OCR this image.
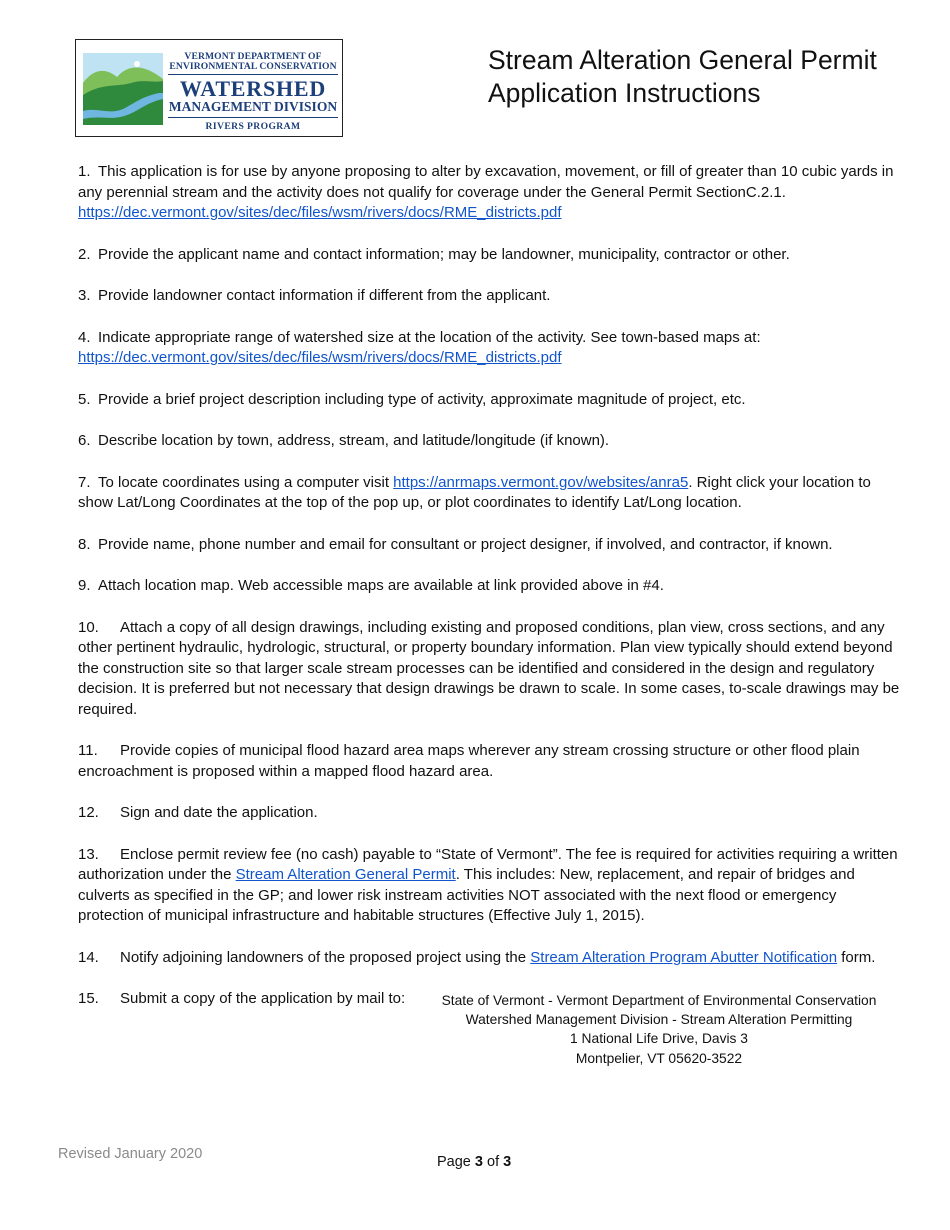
VERMONT DEPARTMENT OF
ENVIRONMENTAL CONSERVATION
WATERSHED
MANAGEMENT DIVISION
RIVERS PROGRAM
Stream Alteration General Permit
Application Instructions
1. This application is for use by anyone proposing to alter by excavation, movement, or fill of greater than 10 cubic yards in any perennial stream and the activity does not qualify for coverage under the General Permit SectionC.2.1.
https://dec.vermont.gov/sites/dec/files/wsm/rivers/docs/RME_districts.pdf
2. Provide the applicant name and contact information; may be landowner, municipality, contractor or other.
3. Provide landowner contact information if different from the applicant.
4. Indicate appropriate range of watershed size at the location of the activity. See town-based maps at:
https://dec.vermont.gov/sites/dec/files/wsm/rivers/docs/RME_districts.pdf
5. Provide a brief project description including type of activity, approximate magnitude of project, etc.
6. Describe location by town, address, stream, and latitude/longitude (if known).
7. To locate coordinates using a computer visit https://anrmaps.vermont.gov/websites/anra5. Right click your location to show Lat/Long Coordinates at the top of the pop up, or plot coordinates to identify Lat/Long location.
8. Provide name, phone number and email for consultant or project designer, if involved, and contractor, if known.
9. Attach location map. Web accessible maps are available at link provided above in #4.
10. Attach a copy of all design drawings, including existing and proposed conditions, plan view, cross sections, and any other pertinent hydraulic, hydrologic, structural, or property boundary information. Plan view typically should extend beyond the construction site so that larger scale stream processes can be identified and considered in the design and regulatory decision. It is preferred but not necessary that design drawings be drawn to scale. In some cases, to-scale drawings may be required.
11. Provide copies of municipal flood hazard area maps wherever any stream crossing structure or other flood plain encroachment is proposed within a mapped flood hazard area.
12. Sign and date the application.
13. Enclose permit review fee (no cash) payable to “State of Vermont”. The fee is required for activities requiring a written authorization under the Stream Alteration General Permit. This includes: New, replacement, and repair of bridges and culverts as specified in the GP; and lower risk instream activities NOT associated with the next flood or emergency protection of municipal infrastructure and habitable structures (Effective July 1, 2015).
14. Notify adjoining landowners of the proposed project using the Stream Alteration Program Abutter Notification form.
15. Submit a copy of the application by mail to:	State of Vermont - Vermont Department of Environmental Conservation
Watershed Management Division - Stream Alteration Permitting
1 National Life Drive, Davis 3
Montpelier, VT 05620-3522
Revised January 2020	Page 3 of 3
